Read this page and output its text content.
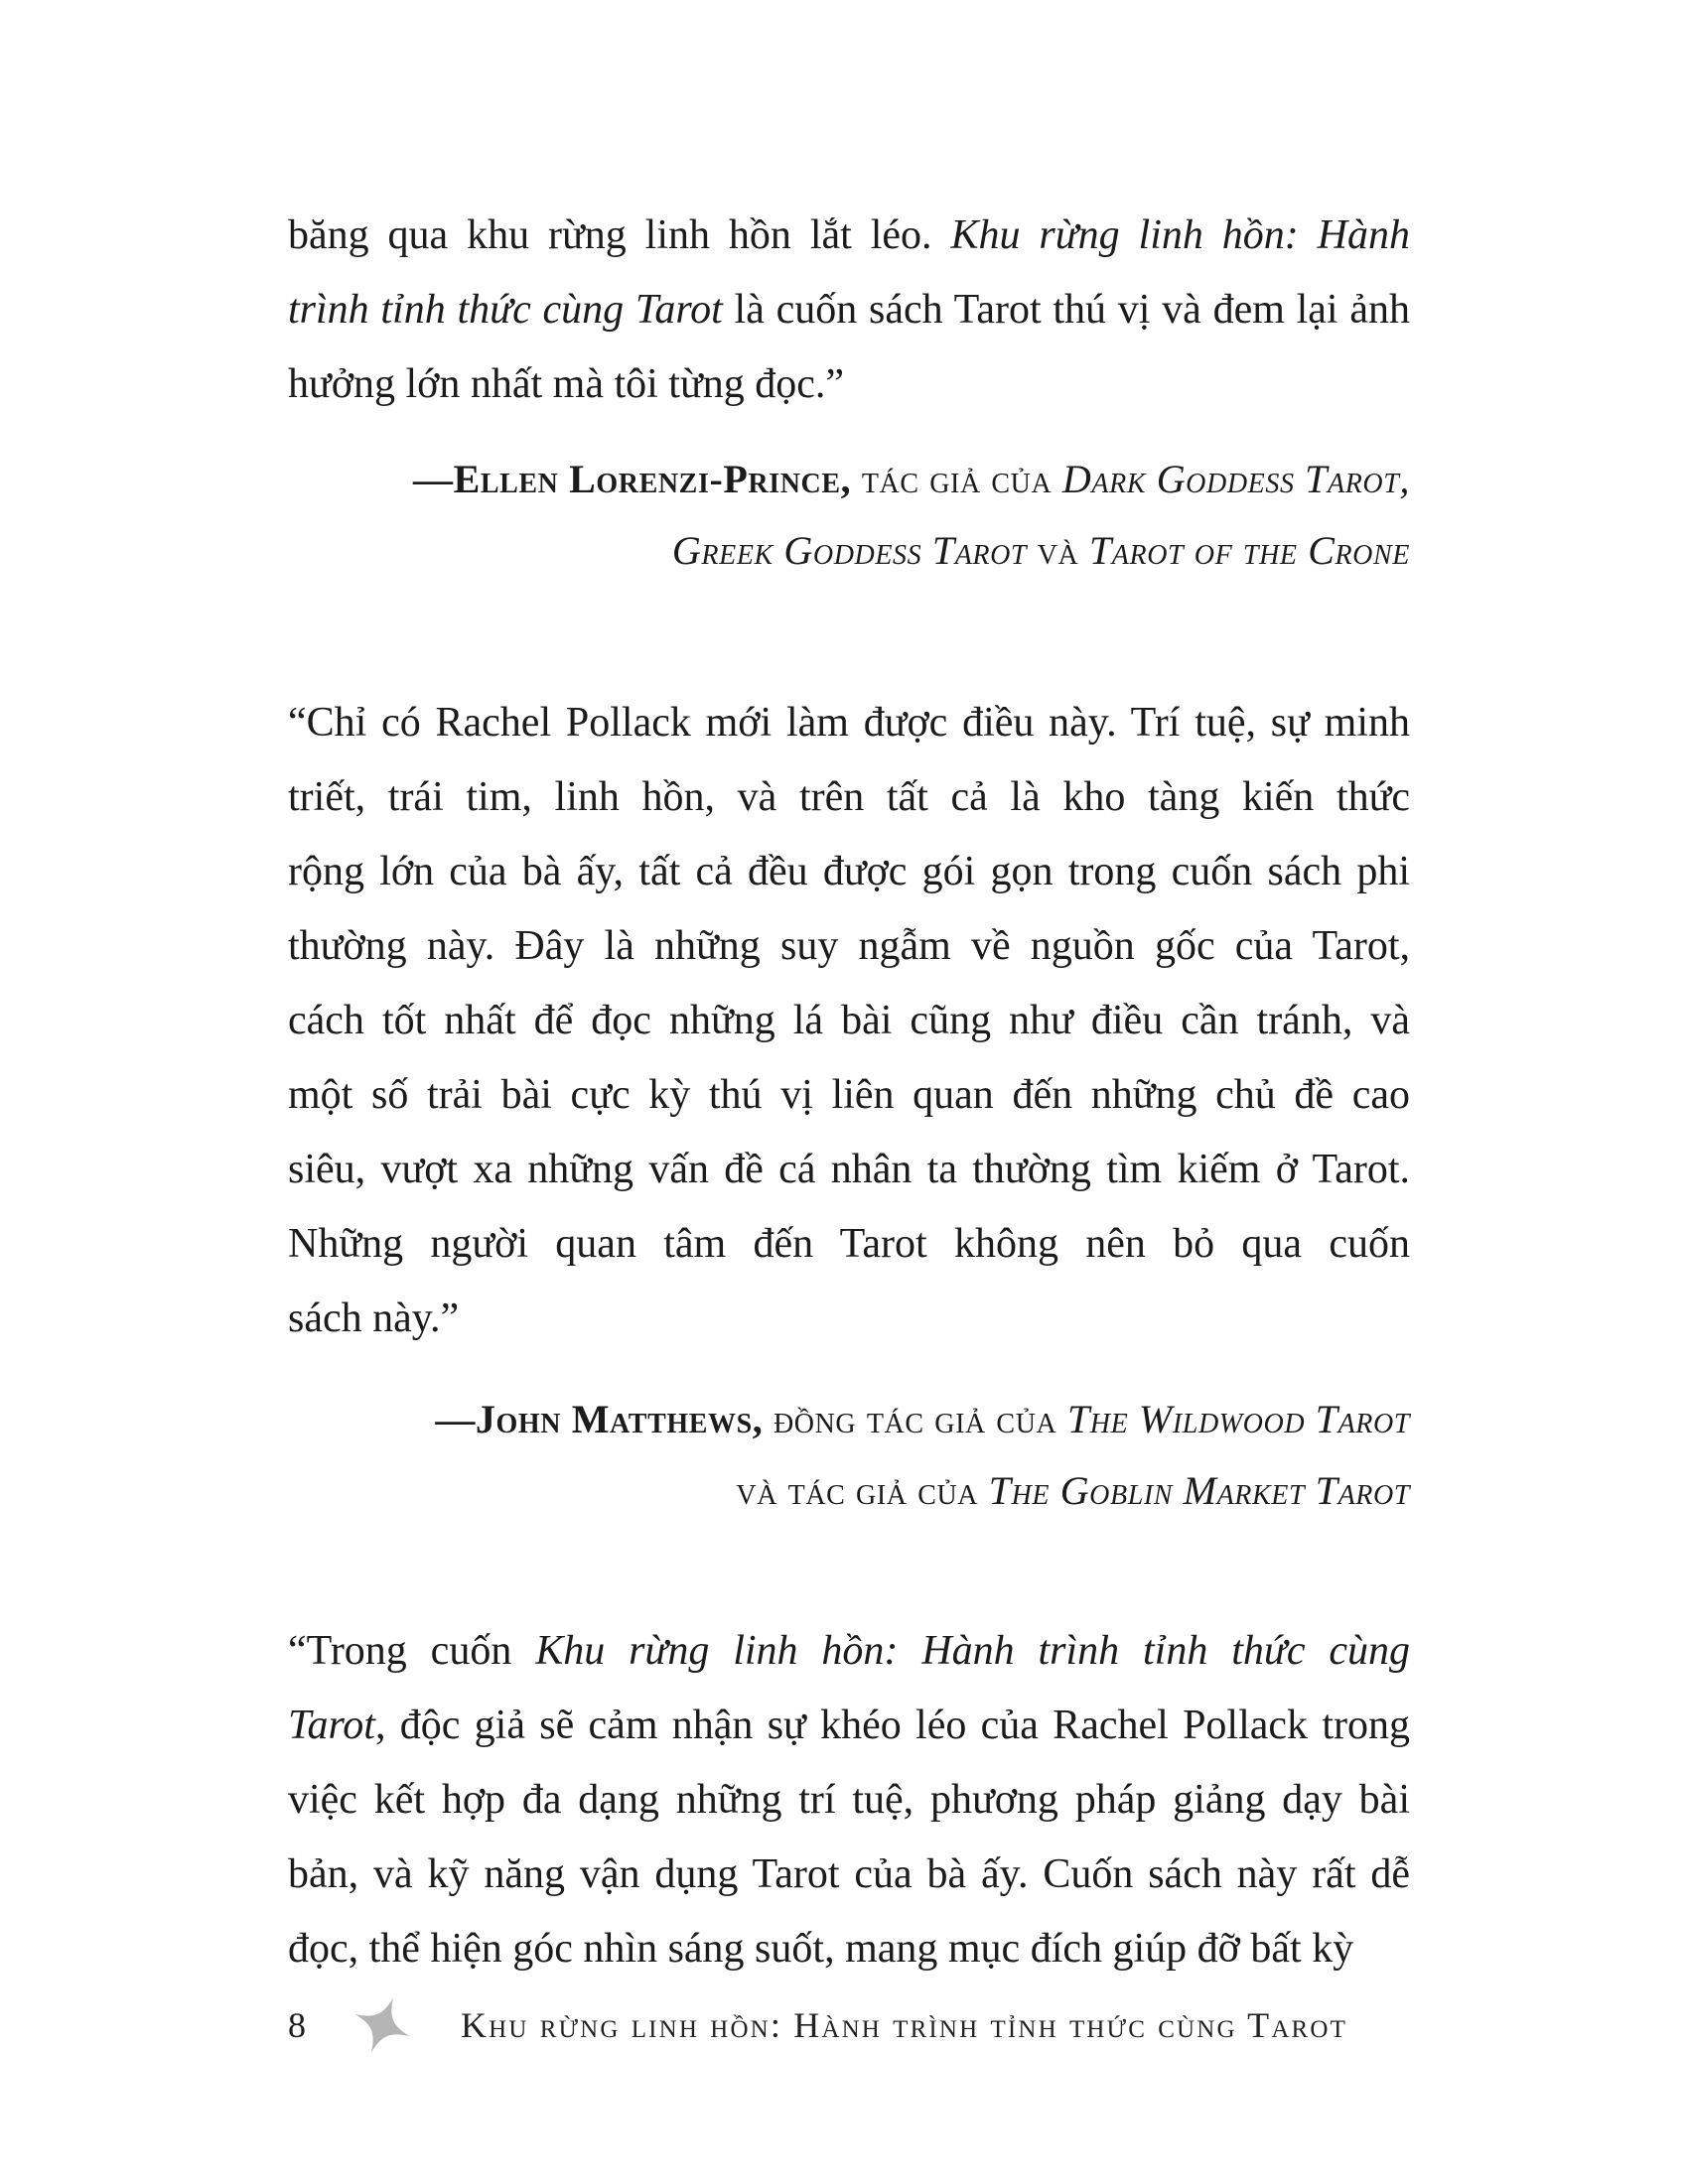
băng qua khu rừng linh hồn lắt léo. Khu rừng linh hồn: Hành
trình tỉnh thức cùng Tarot là cuốn sách Tarot thú vị và đem lại ảnh
hưởng lớn nhất mà tôi từng đọc.”
—Ellen Lorenzi-Prince, tác giả của Dark Goddess Tarot,
Greek Goddess Tarot và Tarot of the Crone
“Chỉ có Rachel Pollack mới làm được điều này. Trí tuệ, sự minh
triết, trái tim, linh hồn, và trên tất cả là kho tàng kiến thức
rộng lớn của bà ấy, tất cả đều được gói gọn trong cuốn sách phi
thường này. Đây là những suy ngẫm về nguồn gốc của Tarot,
cách tốt nhất để đọc những lá bài cũng như điều cần tránh, và
một số trải bài cực kỳ thú vị liên quan đến những chủ đề cao
siêu, vượt xa những vấn đề cá nhân ta thường tìm kiếm ở Tarot.
Những người quan tâm đến Tarot không nên bỏ qua cuốn
sách này.”
—John Matthews, đồng tác giả của The Wildwood Tarot
và tác giả của The Goblin Market Tarot
“Trong cuốn Khu rừng linh hồn: Hành trình tỉnh thức cùng
Tarot, độc giả sẽ cảm nhận sự khéo léo của Rachel Pollack trong
việc kết hợp đa dạng những trí tuệ, phương pháp giảng dạy bài
bản, và kỹ năng vận dụng Tarot của bà ấy. Cuốn sách này rất dễ
đọc, thể hiện góc nhìn sáng suốt, mang mục đích giúp đỡ bất kỳ
8	Khu rừng linh hồn: Hành trình tỉnh thức cùng Tarot
